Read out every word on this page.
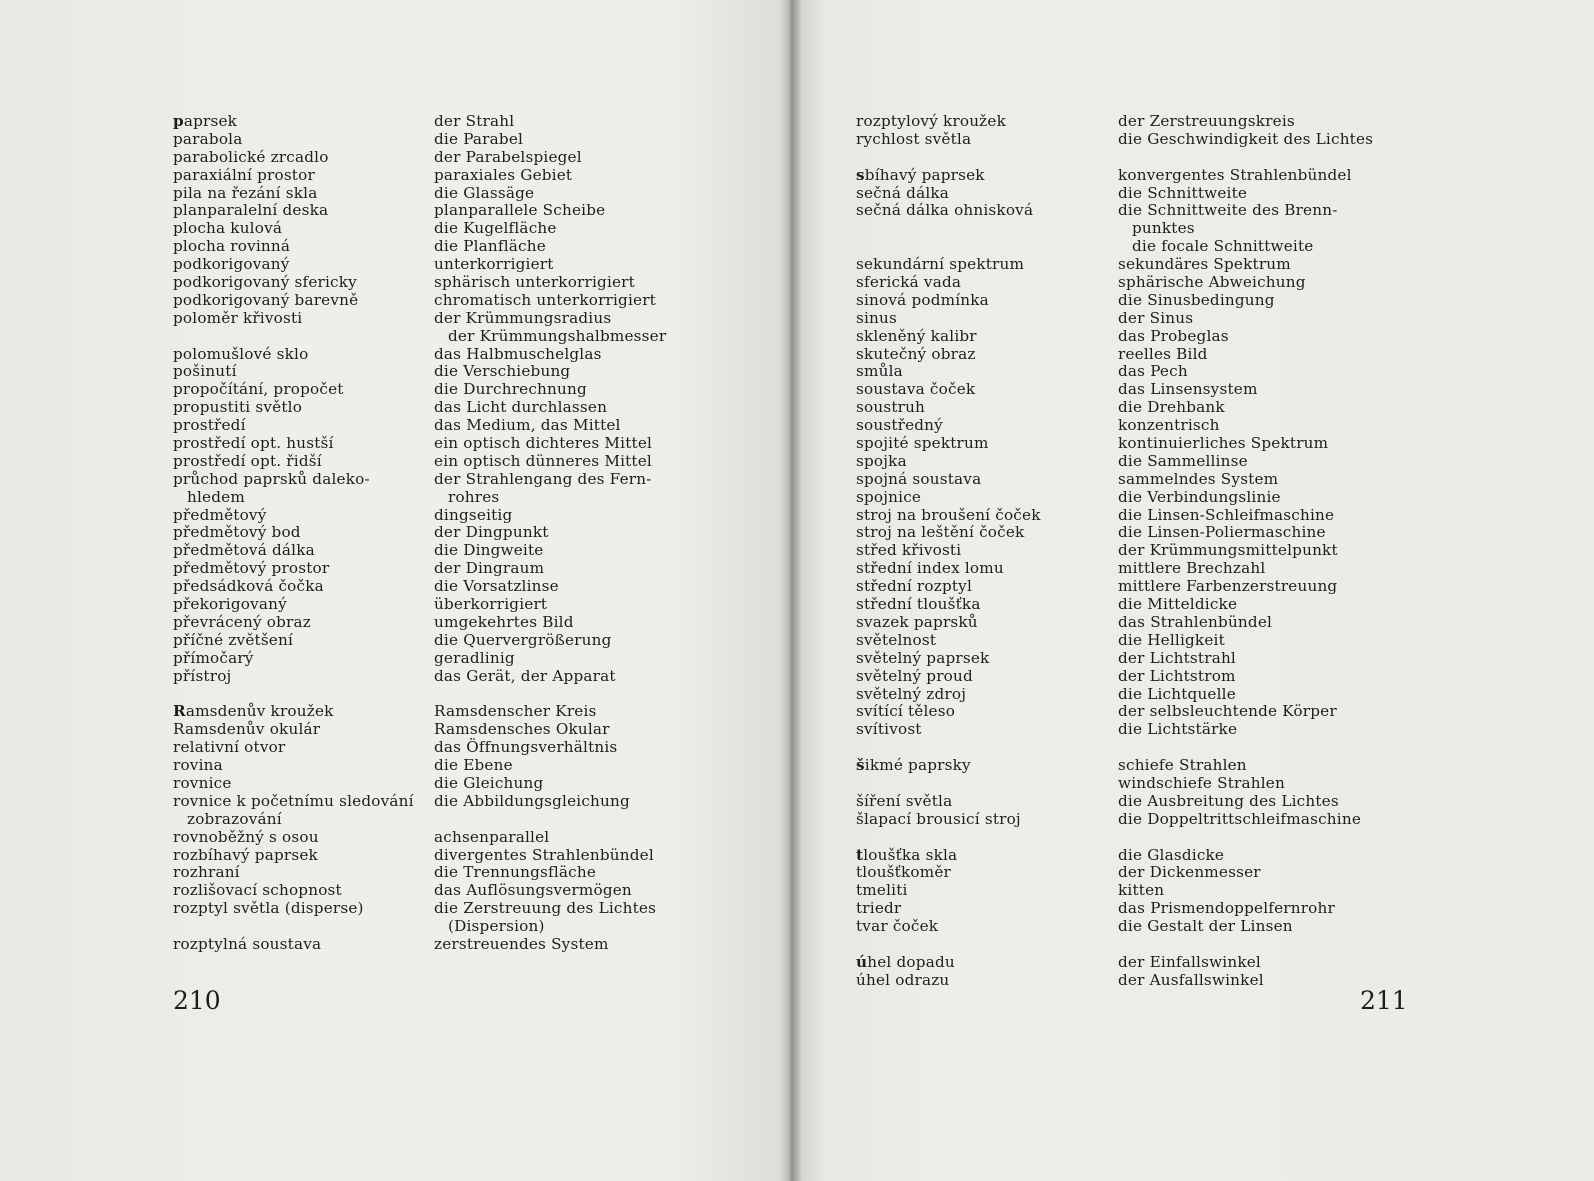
paprsek
parabola
parabolické zrcadlo
paraxiální prostor
pila na řezání skla
planparalelní deska
plocha kulová
plocha rovinná
podkorigovaný
podkorigovaný sfericky
podkorigovaný barevně
poloměr křivosti
polomušlové sklo
pošinutí
propočítání, propočet
propustiti světlo
prostředí
prostředí opt. hustší
prostředí opt. řidší
průchod paprsků daleko-
hledem
předmětový
předmětový bod
předmětová dálka
předmětový prostor
předsádková čočka
překorigovaný
převrácený obraz
příčné zvětšení
přímočarý
přístroj
Ramsdenův kroužek
Ramsdenův okulár
relativní otvor
rovina
rovnice
rovnice k početnímu sledování
zobrazování
rovnoběžný s osou
rozbíhavý paprsek
rozhraní
rozlišovací schopnost
rozptyl světla (disperse)
rozptylná soustava
der Strahl
die Parabel
der Parabelspiegel
paraxiales Gebiet
die Glassäge
planparallele Scheibe
die Kugelfläche
die Planfläche
unterkorrigiert
sphärisch unterkorrigiert
chromatisch unterkorrigiert
der Krümmungsradius
der Krümmungshalbmesser
das Halbmuschelglas
die Verschiebung
die Durchrechnung
das Licht durchlassen
das Medium, das Mittel
ein optisch dichteres Mittel
ein optisch dünneres Mittel
der Strahlengang des Fern-
rohres
dingseitig
der Dingpunkt
die Dingweite
der Dingraum
die Vorsatzlinse
überkorrigiert
umgekehrtes Bild
die Quervergrößerung
geradlinig
das Gerät, der Apparat
Ramsdenscher Kreis
Ramsdensches Okular
das Öffnungsverhältnis
die Ebene
die Gleichung
die Abbildungsgleichung
achsenparallel
divergentes Strahlenbündel
die Trennungsfläche
das Auflösungsvermögen
die Zerstreuung des Lichtes
(Dispersion)
zerstreuendes System
rozptylový kroužek
rychlost světla
sbíhavý paprsek
sečná dálka
sečná dálka ohnisková
sekundární spektrum
sferická vada
sinová podmínka
sinus
skleněný kalibr
skutečný obraz
smůla
soustava čoček
soustruh
soustředný
spojité spektrum
spojka
spojná soustava
spojnice
stroj na broušení čoček
stroj na leštění čoček
střed křivosti
střední index lomu
střední rozptyl
střední tloušťka
svazek paprsků
světelnost
světelný paprsek
světelný proud
světelný zdroj
svítící těleso
svítivost
šikmé paprsky
šíření světla
šlapací brousicí stroj
tloušťka skla
tloušťkoměr
tmeliti
triedr
tvar čoček
úhel dopadu
úhel odrazu
der Zerstreuungskreis
die Geschwindigkeit des Lichtes
konvergentes Strahlenbündel
die Schnittweite
die Schnittweite des Brenn-
punktes
die focale Schnittweite
sekundäres Spektrum
sphärische Abweichung
die Sinusbedingung
der Sinus
das Probeglas
reelles Bild
das Pech
das Linsensystem
die Drehbank
konzentrisch
kontinuierliches Spektrum
die Sammellinse
sammelndes System
die Verbindungslinie
die Linsen-Schleifmaschine
die Linsen-Poliermaschine
der Krümmungsmittelpunkt
mittlere Brechzahl
mittlere Farbenzerstreuung
die Mitteldicke
das Strahlenbündel
die Helligkeit
der Lichtstrahl
der Lichtstrom
die Lichtquelle
der selbsleuchtende Körper
die Lichtstärke
schiefe Strahlen
windschiefe Strahlen
die Ausbreitung des Lichtes
die Doppeltrittschleifmaschine
die Glasdicke
der Dickenmesser
kitten
das Prismendoppelfernrohr
die Gestalt der Linsen
der Einfallswinkel
der Ausfallswinkel
210	211
